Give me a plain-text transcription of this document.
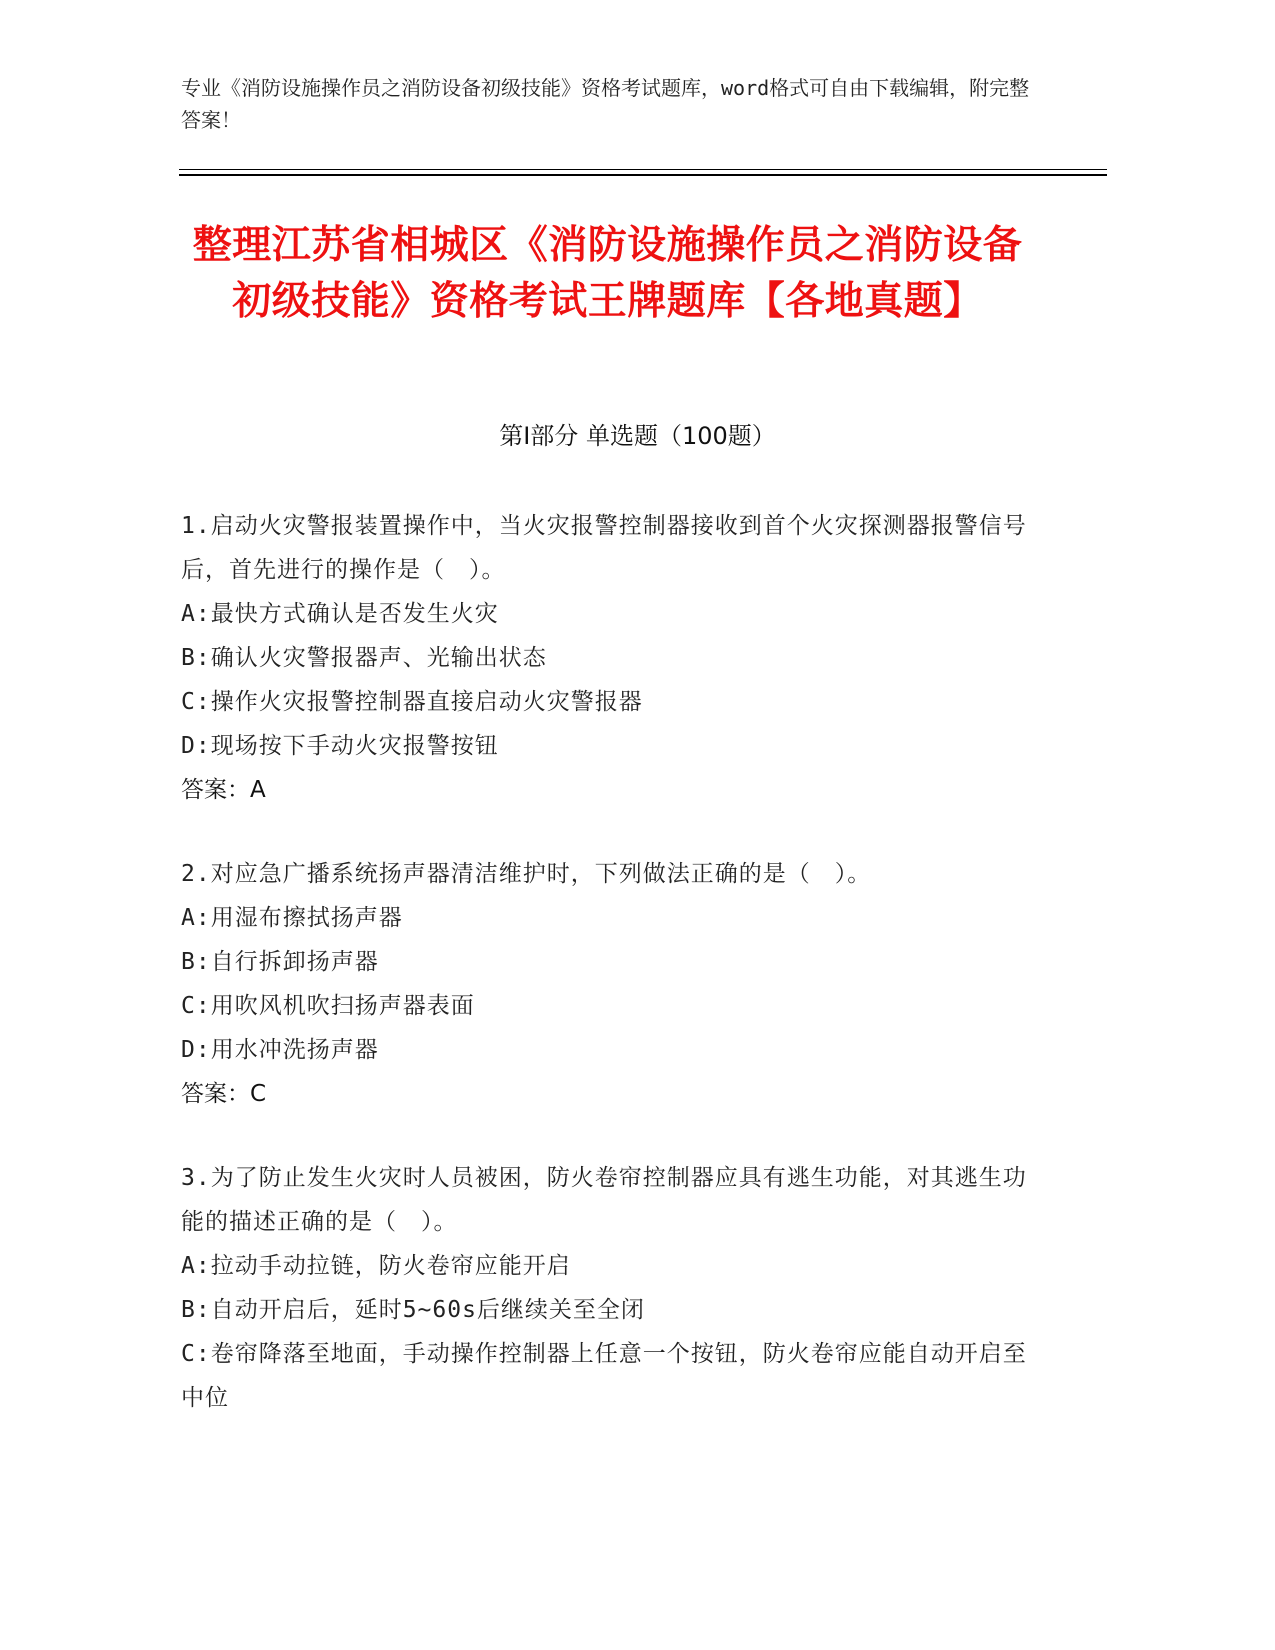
专业《消防设施操作员之消防设备初级技能》资格考试题库，word格式可自由下载编辑，附完整答案！
整理江苏省相城区《消防设施操作员之消防设备初级技能》资格考试王牌题库【各地真题】
第I部分 单选题（100题）

1.启动火灾警报装置操作中，当火灾报警控制器接收到首个火灾探测器报警信号后，首先进行的操作是（　）。

A:最快方式确认是否发生火灾

B:确认火灾警报器声、光输出状态

C:操作火灾报警控制器直接启动火灾警报器

D:现场按下手动火灾报警按钮

答案：A

2.对应急广播系统扬声器清洁维护时，下列做法正确的是（　）。

A:用湿布擦拭扬声器

B:自行拆卸扬声器

C:用吹风机吹扫扬声器表面

D:用水冲洗扬声器

答案：C

3.为了防止发生火灾时人员被困，防火卷帘控制器应具有逃生功能，对其逃生功能的描述正确的是（　）。

A:拉动手动拉链，防火卷帘应能开启

B:自动开启后，延时5~60s后继续关至全闭

C:卷帘降落至地面，手动操作控制器上任意一个按钮，防火卷帘应能自动开启至中位
